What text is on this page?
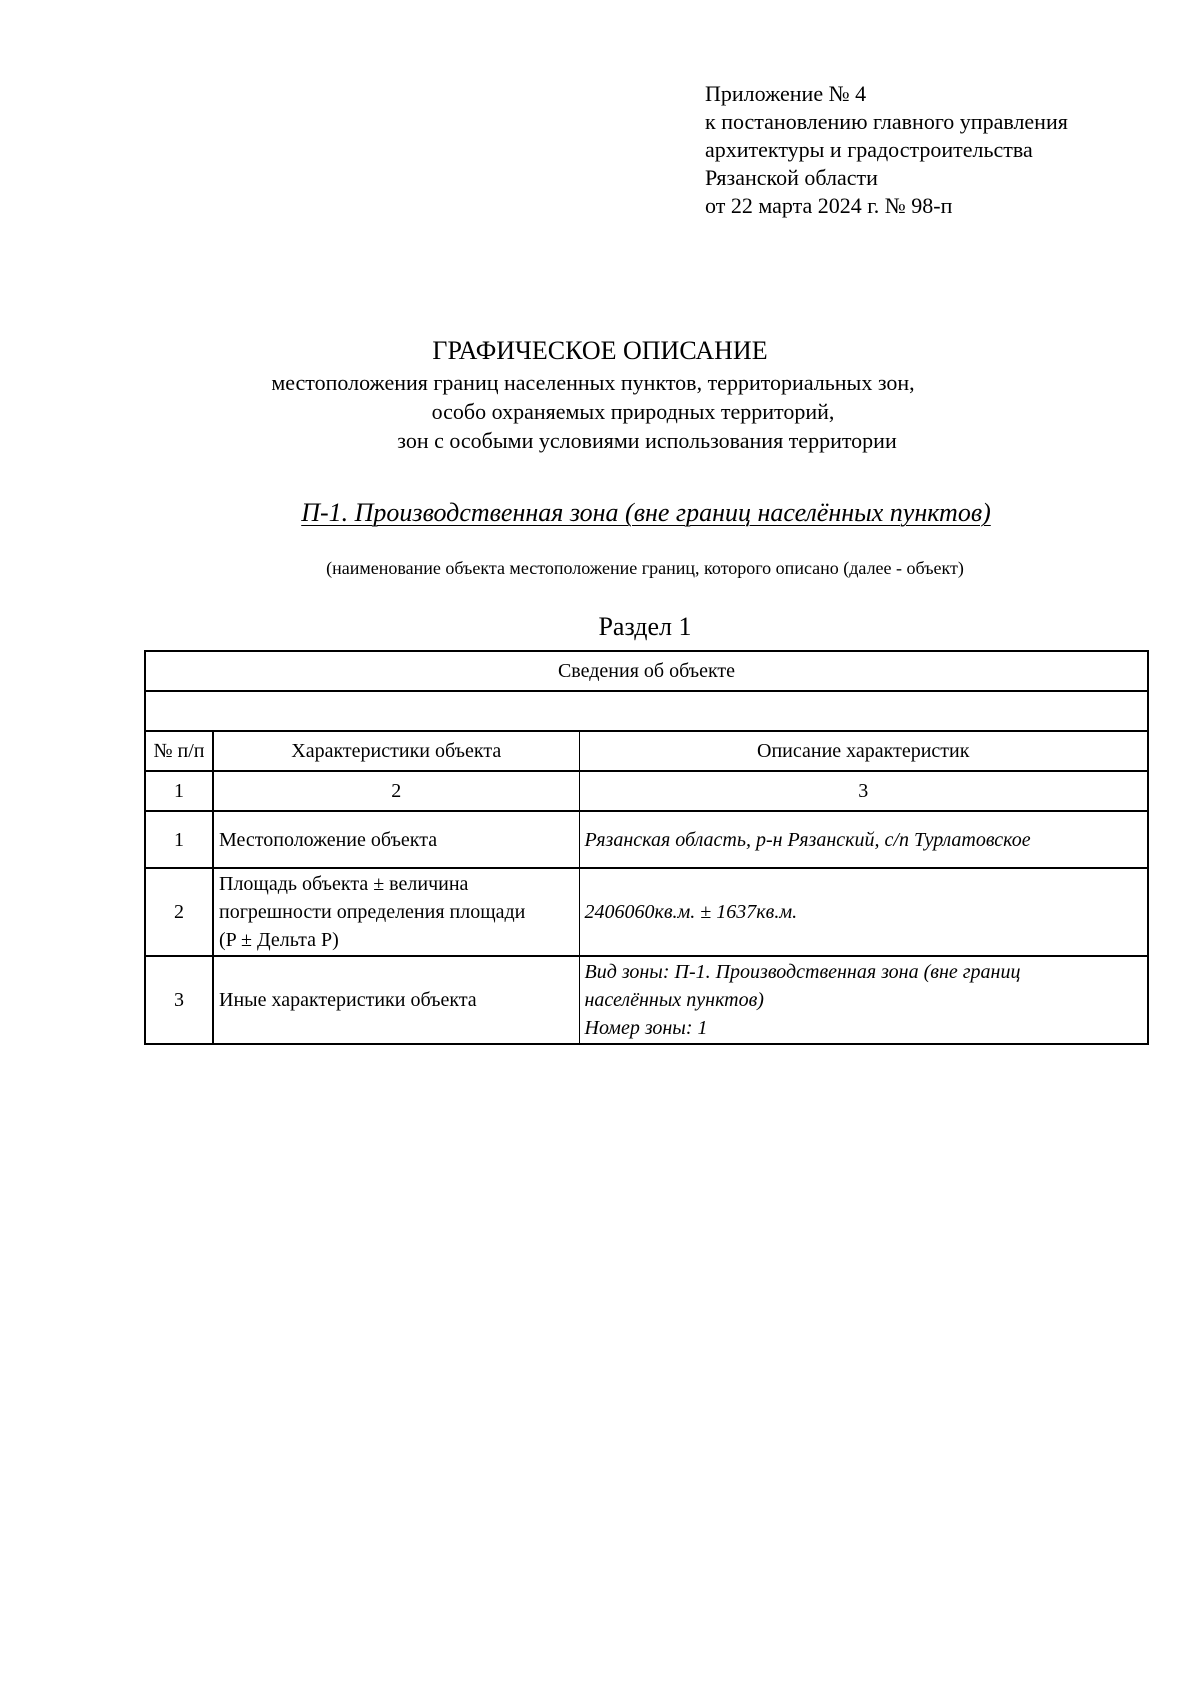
Приложение № 4
к постановлению главного управления
архитектуры и градостроительства
Рязанской области
от 22 марта 2024 г. № 98-п
ГРАФИЧЕСКОЕ ОПИСАНИЕ
местоположения границ населенных пунктов, территориальных зон,
особо охраняемых природных территорий,
зон с особыми условиями использования территории
П-1. Производственная зона (вне границ населённых пунктов)
(наименование объекта местоположение границ, которого описано (далее - объект)
Раздел 1
Сведения об объекте		

№ п/п	Характеристики объекта	Описание характеристик
1	2	3
1	Местоположение объекта	Рязанская область, р-н Рязанский, с/п Турлатовское

2	Площадь объекта ± величина
погрешности определения площади
(P ± Дельта P)	2406060кв.м. ± 1637кв.м.

3	Иные характеристики объекта	Вид зоны: П-1. Производственная зона (вне границ
населённых пунктов)
Номер зоны: 1
